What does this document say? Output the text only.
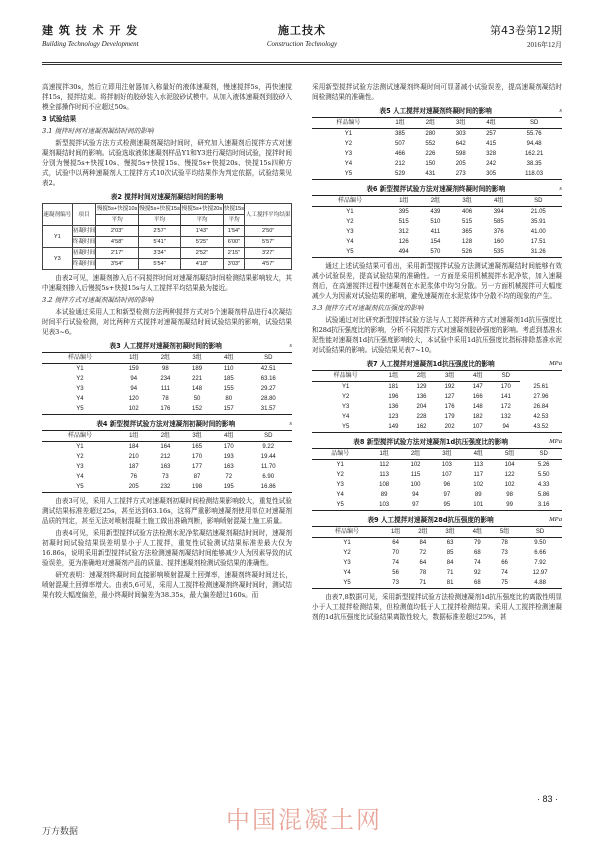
建 筑 技 术 开 发
Building Technology Development
施工技术
Construction Technology
第43卷第12期
2016年12月

高速搅拌30s，然后立即用注射器加入称量好的液体速凝剂，慢速搅拌5s，再快速搅拌15s，搅拌结束。将拌制好的胶砂装入水泥胶砂试模中。从加入液体速凝剂到胶砂入模全部操作时间不应超过50s。

3 试验结果
3.1 搅拌时间对速凝剂凝结时间的影响

新型搅拌试验方法方式检测速凝剂凝结时间时，研究加入速凝剂后搅拌方式对速凝剂凝结时间的影响。试验选取液体速凝剂样品Y1和Y3进行凝结时间试验，搅拌时间分别为慢搅5s+快搅10s、慢搅5s+快搅15s、慢搅5s+快搅20s、快搅15s四种方式，试验中以两种速凝剂人工搅拌方式10次试验平均结果作为判定依据，试验结果见表2。

表2 搅拌时间对速凝剂凝结时间的影响
速凝剂编号	项目	慢搅5s+快搅10s	慢搅5s+快搅15s	慢搅5s+快搅20s	快搅15s	人工搅拌平均结果
		平均	平均	平均	平均	
Y1	初凝时间	2'03"	2'57"	1'43"	1'54"	2'50"
	终凝时间	4'58"	5'41"	5'25"	6'00"	5'57"
Y3	初凝时间	2'17"	3'34"	2'52"	2'15"	3'27"
	终凝时间	3'54"	5'54"	4'18"	3'03"	4'57"

由表2可见，速凝剂掺入后不同搅拌时间对速凝剂凝结时间检测结果影响较大，其中速凝剂掺入后慢搅5s+快搅15s与人工搅拌平均结果最为接近。

3.2 搅拌方式对速凝剂凝结时间的影响

本试验通过采用人工和新型检测方法两种搅拌方式对5个速凝剂样品进行4次凝结时间平行试验检测，对比两种方式搅拌对速凝剂凝结时间试验结果的影响，试验结果见表3~6。

表3 人工搅拌对速凝剂初凝时间的影响	s
样品编号	1组	2组	3组	4组	SD
Y1	159	98	189	110	42.51
Y2	94	234	221	185	63.16
Y3	94	111	148	155	29.27
Y4	120	78	50	80	28.80
Y5	102	176	152	157	31.57
表4 新型搅拌试验方法对速凝剂初凝时间的影响	s
样品编号	1组	2组	3组	4组	SD
Y1	184	164	165	170	9.22
Y2	210	212	170	193	19.44
Y3	187	163	177	163	11.70
Y4	76	73	87	72	6.90
Y5	205	232	198	195	16.86

由表3可见，采用人工搅拌方式对速凝剂初凝时间检测结果影响较大，重复性试验测试结果标准差超过25s，甚至达到63.16s，这将严重影响速凝剂使用单位对速凝剂品质的判定，甚至无法对喷射混凝土施工做出准确判断，影响喷射混凝土施工质量。

由表4可见，采用新型搅拌试验方法检测水泥净浆凝结速凝剂凝结时间时，速凝剂初凝时间试验结果误差明显小于人工搅拌，重复性试验测试结果标准差最大仅为16.86s，说明采用新型搅拌试验方法检测速凝剂凝结时间能够减少人为因素导致的试验误差，更为准确地对速凝剂产品的质量、搅拌速凝剂检测试验结果的准确性。

研究表明：速凝剂终凝时间直接影响喷射混凝土回弹率，速凝剂终凝时间过长，喷射混凝土回弹率增大。由表5,6可见，采用人工搅拌检测速凝剂终凝时间时，测试结果有较大幅度偏差，最小终凝时间偏差为38.35s，最大偏差超过160s。而

采用新型搅拌试验方法测试速凝剂终凝时间可显著减小试验误差，提高速凝剂凝结时间检测结果的准确性。

表5 人工搅拌对速凝剂终凝时间的影响	s
样品编号	1组	2组	3组	4组	SD
Y1	385	280	303	257	55.76
Y2	507	552	642	415	94.48
Y3	466	226	598	328	162.21
Y4	212	150	205	242	38.35
Y5	529	431	273	305	118.03
表6 新型搅拌试验方法对速凝剂终凝时间的影响	s
样品编号	1组	2组	3组	4组	SD
Y1	395	439	406	394	21.05
Y2	515	510	515	585	35.91
Y3	312	411	365	376	41.00
Y4	126	154	128	160	17.51
Y5	494	570	526	535	31.26

通过上述试验结果可看出，采用新型搅拌试验方法测试速凝剂凝结时间能够有效减小试验误差，提高试验结果的准确性。一方面是采用机械搅拌水泥净浆，加入速凝剂后，在高速搅拌过程中速凝剂在水泥浆体中均匀分散。另一方面机械搅拌可大幅度减少人为因素对试验结果的影响，避免速凝剂在水泥浆体中分散不均的现象的产生。

3.3 搅拌方式对速凝剂抗压强度的影响

试验通过对比研究新型搅拌试验方法与人工搅拌两种方式对速凝剂1d抗压强度比和28d抗压强度比的影响，分析不同搅拌方式对速凝剂胶砂强度的影响。考虑到基准水泥性能对速凝剂1d抗压强度影响较大，本试验中采用1d抗压强度比指标排除基准水泥对试验结果的影响。试验结果见表7~10。

表7 人工搅拌对速凝剂1d抗压强度比的影响	MPa
样品编号	1组	2组	3组	4组	SD	
Y1	181	129	192	147	170	25.61
Y2	196	136	127	166	141	27.96
Y3	136	204	176	148	172	26.84
Y4	123	228	179	182	132	42.53
Y5	149	162	202	107	94	43.52
表8 新型搅拌试验方法对速凝剂1d抗压强度比的影响	MPa
品编号	1组	2组	3组	4组	5组	SD
Y1	112	102	103	113	104	5.26
Y2	113	115	107	117	122	5.50
Y3	108	100	96	102	102	4.33
Y4	89	94	97	89	98	5.86
Y5	103	97	95	101	99	3.16
表9 人工搅拌对速凝剂28d抗压强度的影响	MPa
样品编号	1组	2组	3组	4组	5组	SD
Y1	64	84	63	79	78	9.50
Y2	70	72	85	68	73	6.66
Y3	74	64	84	74	66	7.92
Y4	56	78	71	92	74	12.97
Y5	73	71	81	68	75	4.88

由表7,8数据可见，采用新型搅拌试验方法检测速凝剂1d抗压强度比的离散性明显小于人工搅拌检测结果，但检测值均低于人工搅拌检测结果。采用人工搅拌检测速凝剂的1d抗压强度比试验结果离散性较大，数据标准差超过25%，甚

· 83 ·
中国混凝土网
万方数据
